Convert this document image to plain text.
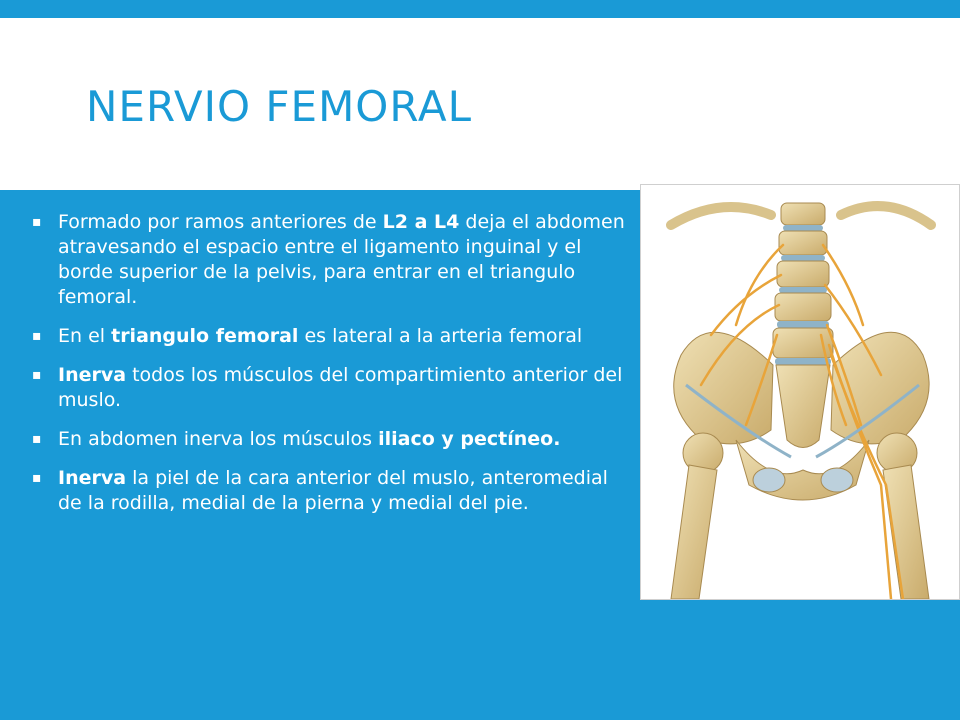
NERVIO FEMORAL
▪ Formado por ramos anteriores de L2 a L4 deja el abdomen atravesando el espacio entre el ligamento inguinal y el borde superior de la pelvis, para entrar en el triangulo femoral.
▪ En el triangulo femoral es lateral a la arteria femoral
▪ Inerva todos los músculos del compartimiento anterior del muslo.
▪ En abdomen inerva los músculos iliaco y pectíneo.
▪ Inerva la piel de la cara anterior del muslo, anteromedial de la rodilla, medial de la pierna y medial del pie.
